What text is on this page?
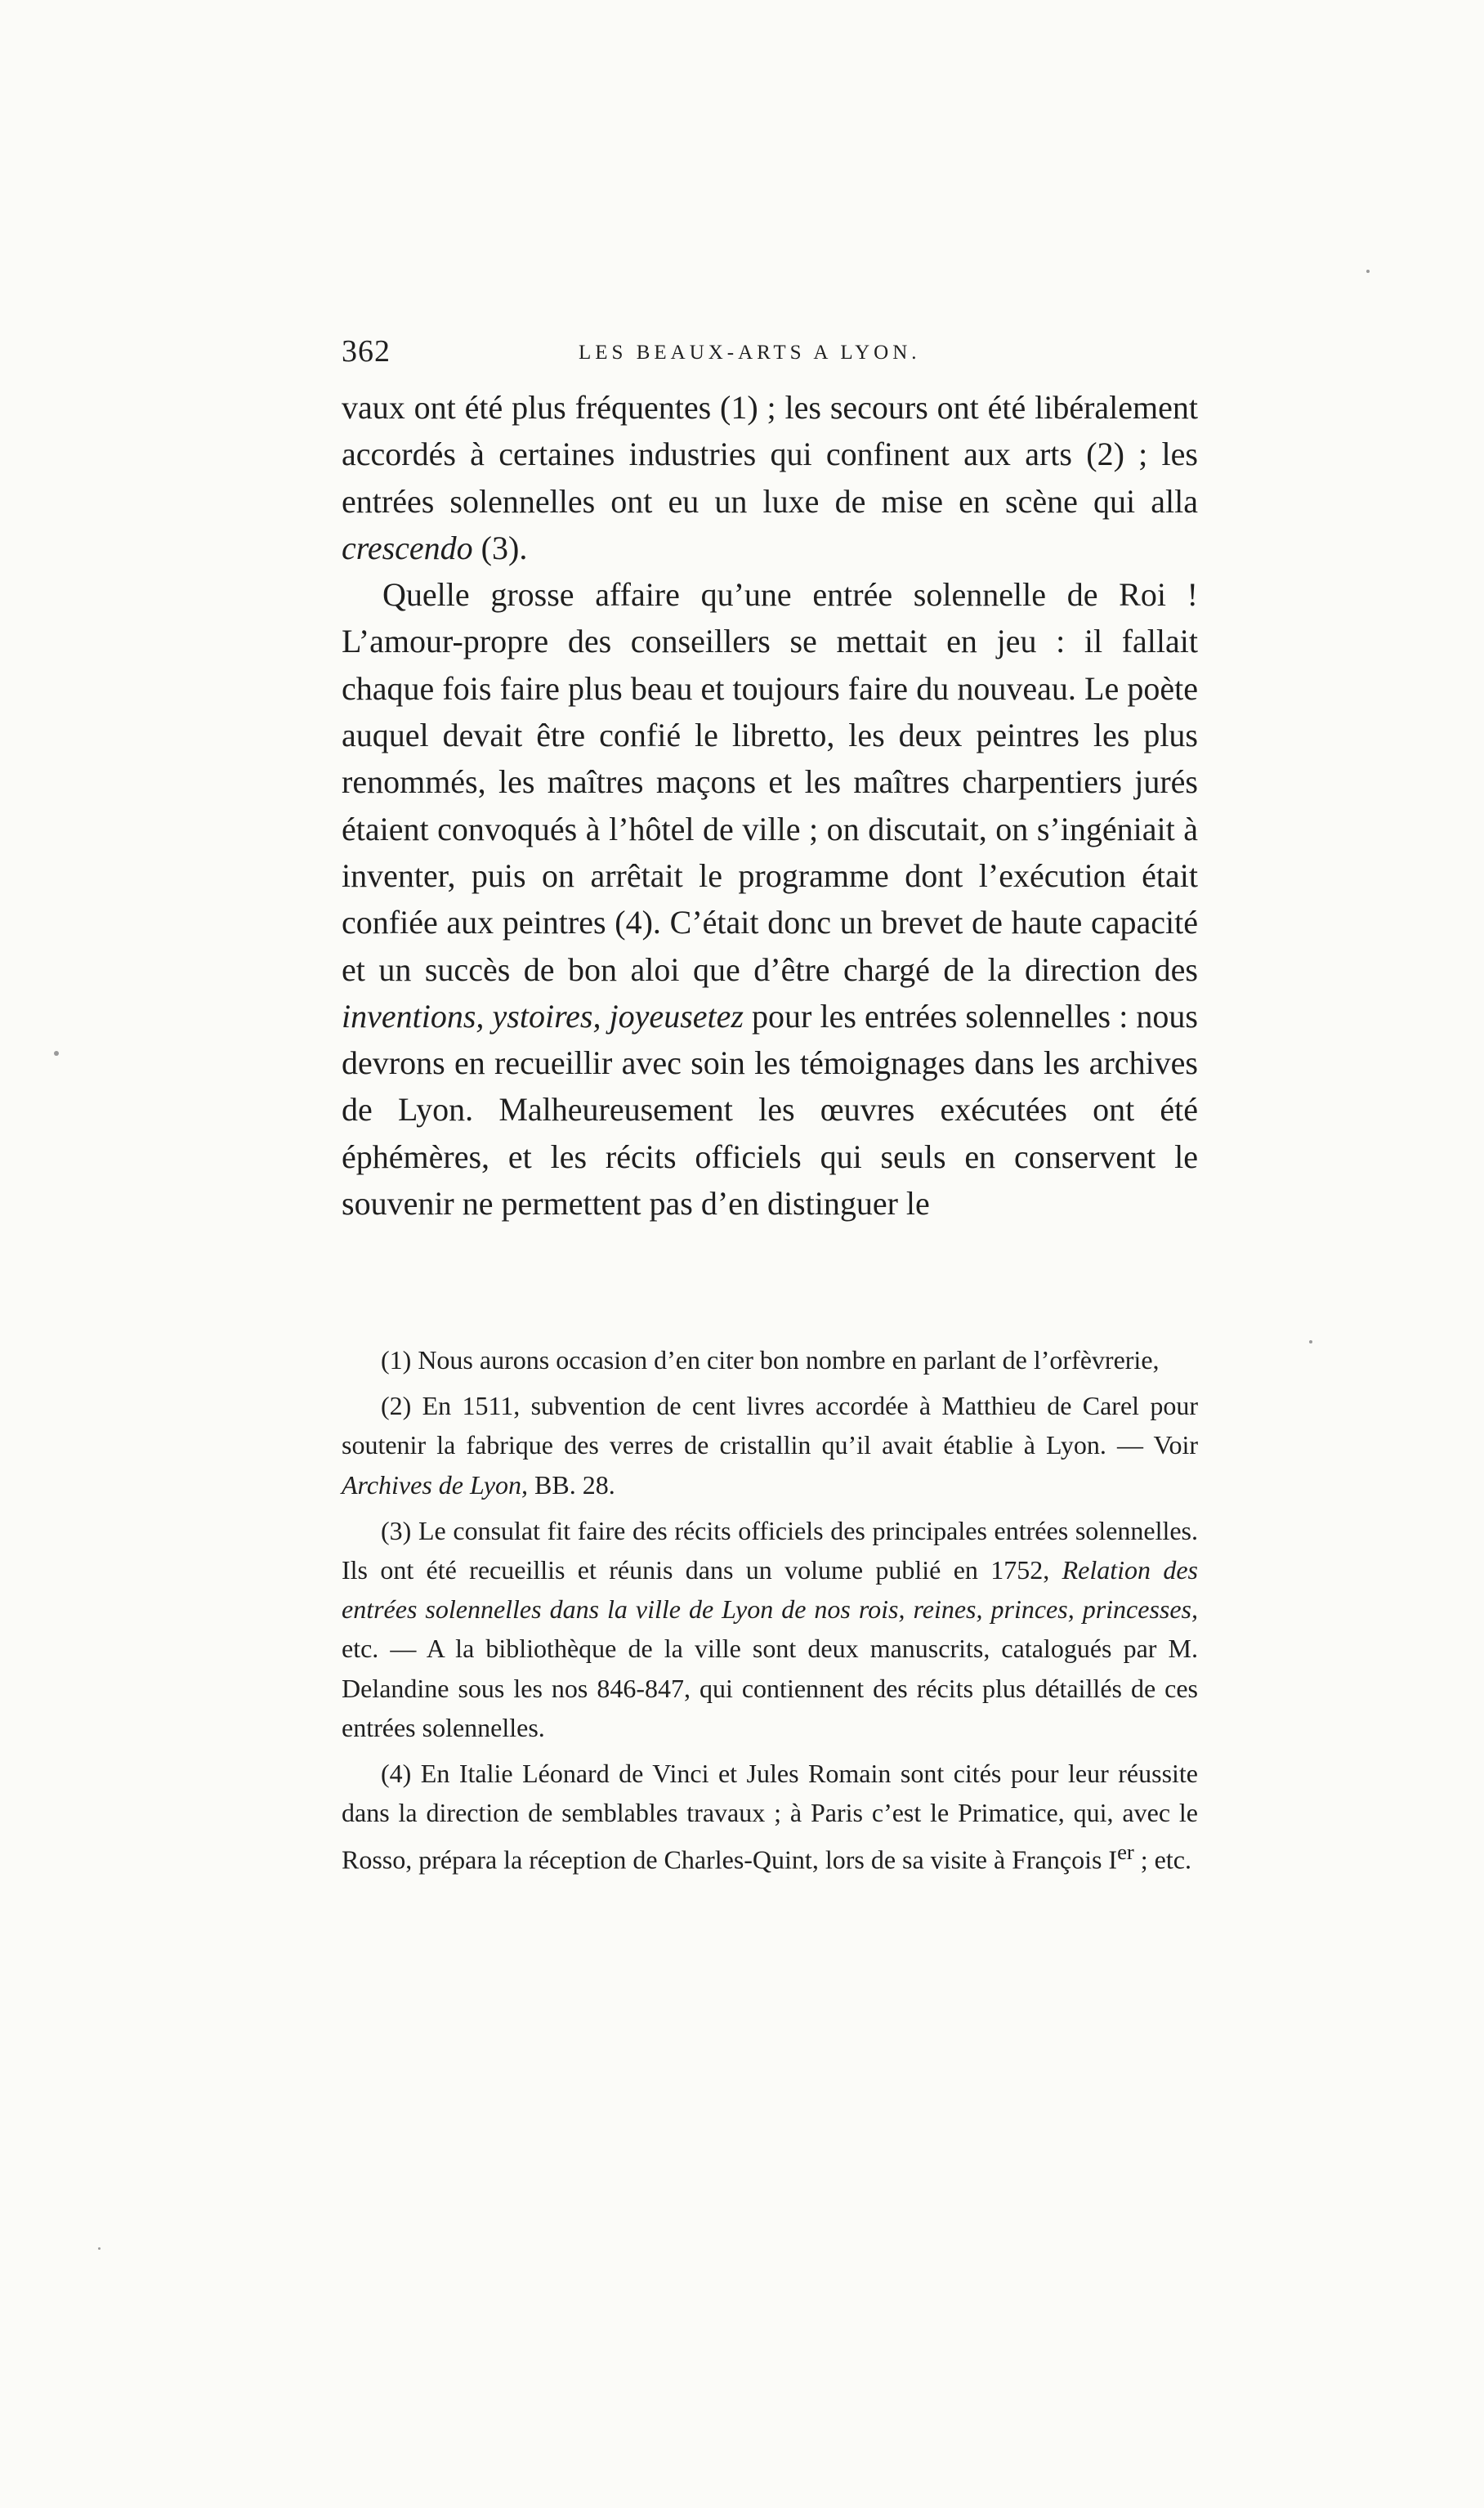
362	LES BEAUX-ARTS A LYON.

vaux ont été plus fréquentes (1) ; les secours ont été libéralement accordés à certaines industries qui confinent aux arts (2) ; les entrées solennelles ont eu un luxe de mise en scène qui alla crescendo (3).

Quelle grosse affaire qu’une entrée solennelle de Roi ! L’amour-propre des conseillers se mettait en jeu : il fallait chaque fois faire plus beau et toujours faire du nouveau. Le poète auquel devait être confié le libretto, les deux peintres les plus renommés, les maîtres maçons et les maîtres charpentiers jurés étaient convoqués à l’hôtel de ville ; on discutait, on s’ingéniait à inventer, puis on arrêtait le programme dont l’exécution était confiée aux peintres (4). C’était donc un brevet de haute capacité et un succès de bon aloi que d’être chargé de la direction des inventions, ystoires, joyeusetez pour les entrées solennelles : nous devrons en recueillir avec soin les témoignages dans les archives de Lyon. Malheureusement les œuvres exécutées ont été éphémères, et les récits officiels qui seuls en conservent le souvenir ne permettent pas d’en distinguer le

(1) Nous aurons occasion d’en citer bon nombre en parlant de l’orfèvrerie,

(2) En 1511, subvention de cent livres accordée à Matthieu de Carel pour soutenir la fabrique des verres de cristallin qu’il avait établie à Lyon. — Voir Archives de Lyon, BB. 28.

(3) Le consulat fit faire des récits officiels des principales entrées solennelles. Ils ont été recueillis et réunis dans un volume publié en 1752, Relation des entrées solennelles dans la ville de Lyon de nos rois, reines, princes, princesses, etc. — A la bibliothèque de la ville sont deux manuscrits, catalogués par M. Delandine sous les nos 846-847, qui contiennent des récits plus détaillés de ces entrées solennelles.

(4) En Italie Léonard de Vinci et Jules Romain sont cités pour leur réussite dans la direction de semblables travaux ; à Paris c’est le Primatice, qui, avec le Rosso, prépara la réception de Charles-Quint, lors de sa visite à François Ier ; etc.
